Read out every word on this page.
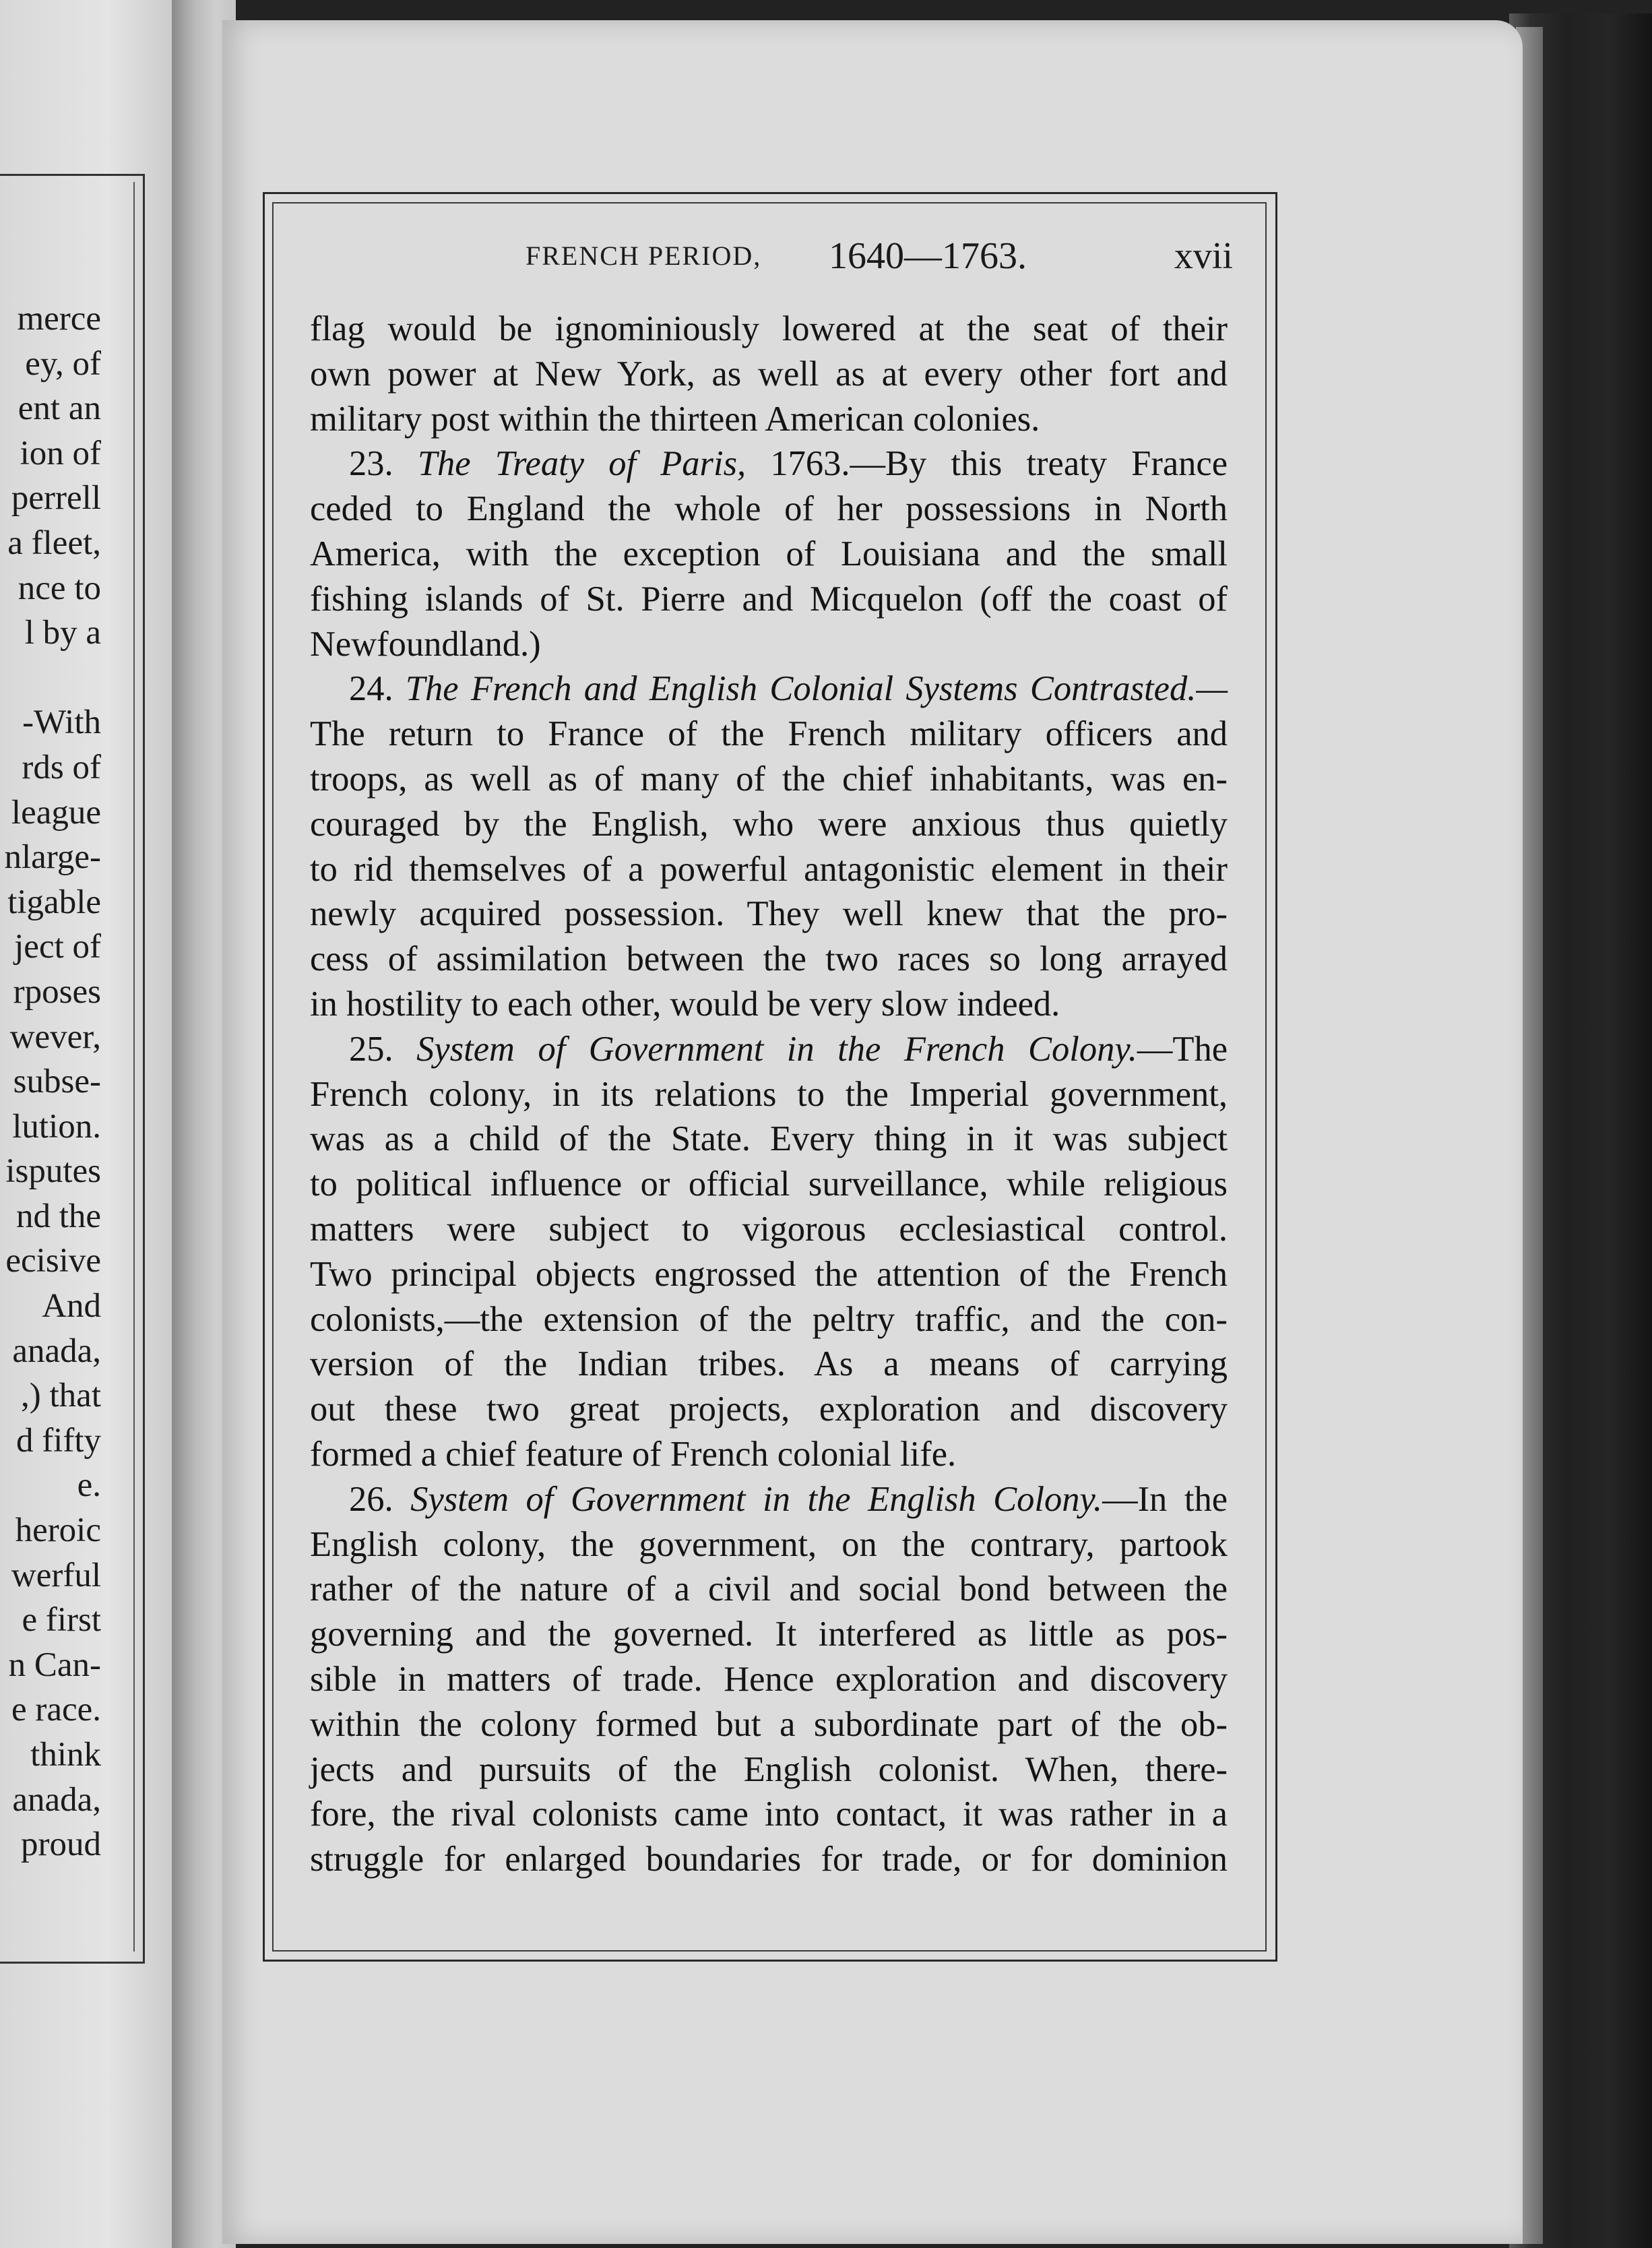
merce
ey, of
ent an
ion of
perrell
a fleet,
nce to
l by a
-With
rds of
league
nlarge-
tigable
ject of
rposes
wever,
subse-
lution.
isputes
nd the
ecisive
And
anada,
,) that
d fifty
e.
heroic
werful
e first
n Can-
e race.
think
anada,
proud
FRENCH PERIOD, 1640—1763.	xvii
flag would be ignominiously lowered at the seat of their
own power at New York, as well as at every other fort and
military post within the thirteen American colonies.
23. The Treaty of Paris, 1763.—By this treaty France
ceded to England the whole of her possessions in North
America, with the exception of Louisiana and the small
fishing islands of St. Pierre and Micquelon (off the coast of
Newfoundland.)
24. The French and English Colonial Systems Contrasted.—
The return to France of the French military officers and
troops, as well as of many of the chief inhabitants, was en-
couraged by the English, who were anxious thus quietly
to rid themselves of a powerful antagonistic element in their
newly acquired possession. They well knew that the pro-
cess of assimilation between the two races so long arrayed
in hostility to each other, would be very slow indeed.
25. System of Government in the French Colony.—The
French colony, in its relations to the Imperial government,
was as a child of the State. Every thing in it was subject
to political influence or official surveillance, while religious
matters were subject to vigorous ecclesiastical control.
Two principal objects engrossed the attention of the French
colonists,—the extension of the peltry traffic, and the con-
version of the Indian tribes. As a means of carrying
out these two great projects, exploration and discovery
formed a chief feature of French colonial life.
26. System of Government in the English Colony.—In the
English colony, the government, on the contrary, partook
rather of the nature of a civil and social bond between the
governing and the governed. It interfered as little as pos-
sible in matters of trade. Hence exploration and discovery
within the colony formed but a subordinate part of the ob-
jects and pursuits of the English colonist. When, there-
fore, the rival colonists came into contact, it was rather in a
struggle for enlarged boundaries for trade, or for dominion
